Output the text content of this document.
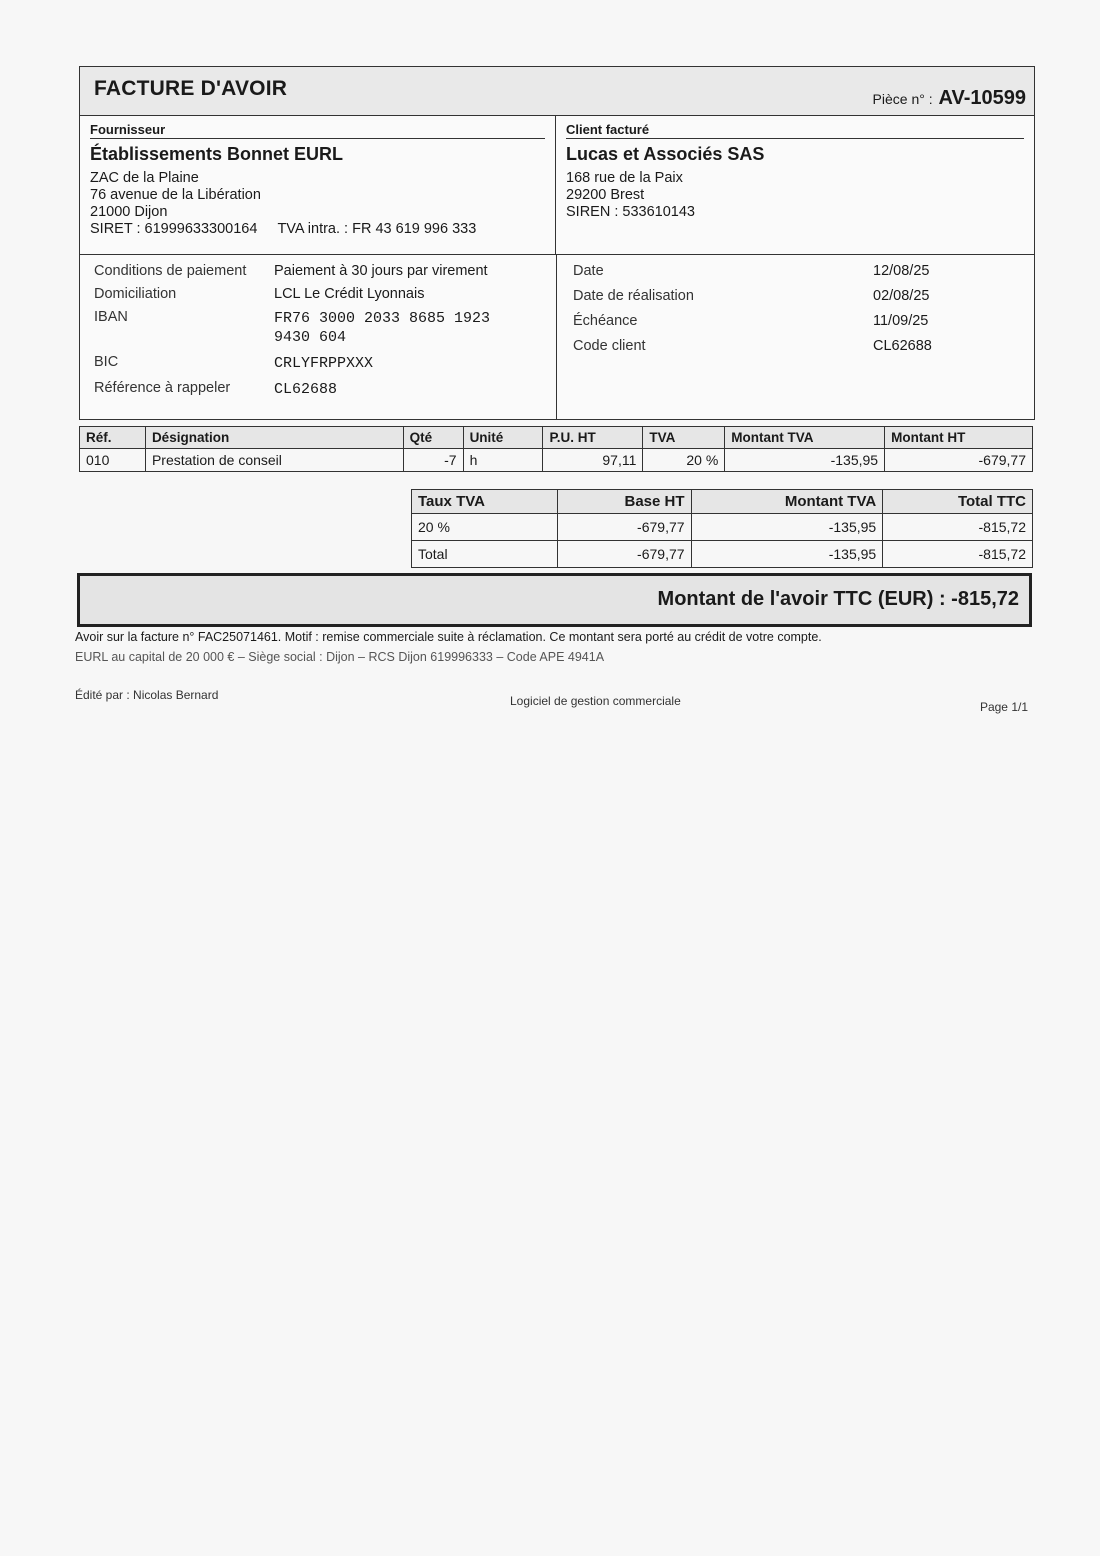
FACTURE D'AVOIR	Pièce n° : AV-10599
Fournisseur
Établissements Bonnet EURL
ZAC de la Plaine
76 avenue de la Libération
21000 Dijon
SIRET : 61999633300164 TVA intra. : FR 43 619 996 333
Client facturé
Lucas et Associés SAS
168 rue de la Paix
29200 Brest
SIREN : 533610143
Conditions de paiement	Paiement à 30 jours par virement
Domiciliation	LCL Le Crédit Lyonnais
IBAN	FR76 3000 2033 8685 1923
9430 604
BIC	CRLYFRPPXXX
Référence à rappeler	CL62688
Date	12/08/25
Date de réalisation	02/08/25
Échéance	11/09/25
Code client	CL62688
Réf.	Désignation	Qté	Unité	P.U. HT	TVA	Montant TVA	Montant HT
010	Prestation de conseil	-7	h	97,11	20 %	-135,95	-679,77
Taux TVA	Base HT	Montant TVA	Total TTC
20 %	-679,77	-135,95	-815,72
Total	-679,77	-135,95	-815,72
Montant de l'avoir TTC (EUR) : -815,72
Avoir sur la facture n° FAC25071461. Motif : remise commerciale suite à réclamation. Ce montant sera porté au crédit de votre compte.
EURL au capital de 20 000 € – Siège social : Dijon – RCS Dijon 619996333 – Code APE 4941A
Édité par : Nicolas Bernard	Logiciel de gestion commerciale	Page 1/1
